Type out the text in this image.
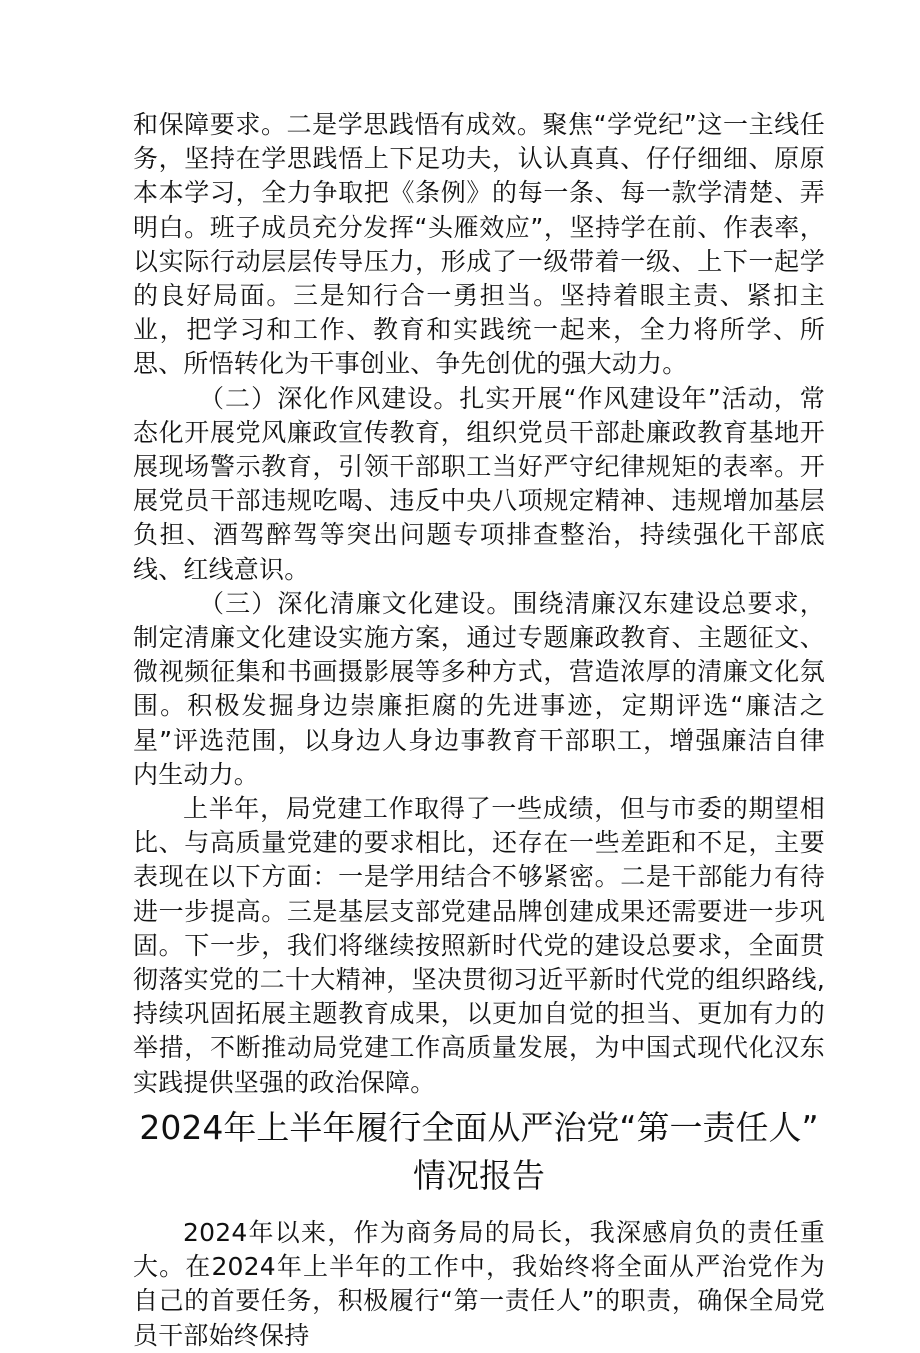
和保障要求。二是学思践悟有成效。聚焦“学党纪”这一主线任务，坚持在学思践悟上下足功夫，认认真真、仔仔细细、原原本本学习，全力争取把《条例》的每一条、每一款学清楚、弄明白。班子成员充分发挥“头雁效应”，坚持学在前、作表率，以实际行动层层传导压力，形成了一级带着一级、上下一起学的良好局面。三是知行合一勇担当。坚持着眼主责、紧扣主业，把学习和工作、教育和实践统一起来，全力将所学、所思、所悟转化为干事创业、争先创优的强大动力。

（二）深化作风建设。扎实开展“作风建设年”活动，常态化开展党风廉政宣传教育，组织党员干部赴廉政教育基地开展现场警示教育，引领干部职工当好严守纪律规矩的表率。开展党员干部违规吃喝、违反中央八项规定精神、违规增加基层负担、酒驾醉驾等突出问题专项排查整治，持续强化干部底线、红线意识。

（三）深化清廉文化建设。围绕清廉汉东建设总要求，制定清廉文化建设实施方案，通过专题廉政教育、主题征文、微视频征集和书画摄影展等多种方式，营造浓厚的清廉文化氛围。积极发掘身边崇廉拒腐的先进事迹，定期评选“廉洁之星”评选范围，以身边人身边事教育干部职工，增强廉洁自律内生动力。

上半年，局党建工作取得了一些成绩，但与市委的期望相比、与高质量党建的要求相比，还存在一些差距和不足，主要表现在以下方面：一是学用结合不够紧密。二是干部能力有待进一步提高。三是基层支部党建品牌创建成果还需要进一步巩固。下一步，我们将继续按照新时代党的建设总要求，全面贯彻落实党的二十大精神，坚决贯彻习近平新时代党的组织路线,持续巩固拓展主题教育成果，以更加自觉的担当、更加有力的举措，不断推动局党建工作高质量发展，为中国式现代化汉东实践提供坚强的政治保障。

2024年上半年履行全面从严治党“第一责任人”
情况报告

2024年以来，作为商务局的局长，我深感肩负的责任重大。在2024年上半年的工作中，我始终将全面从严治党作为自己的首要任务，积极履行“第一责任人”的职责，确保全局党员干部始终保持
